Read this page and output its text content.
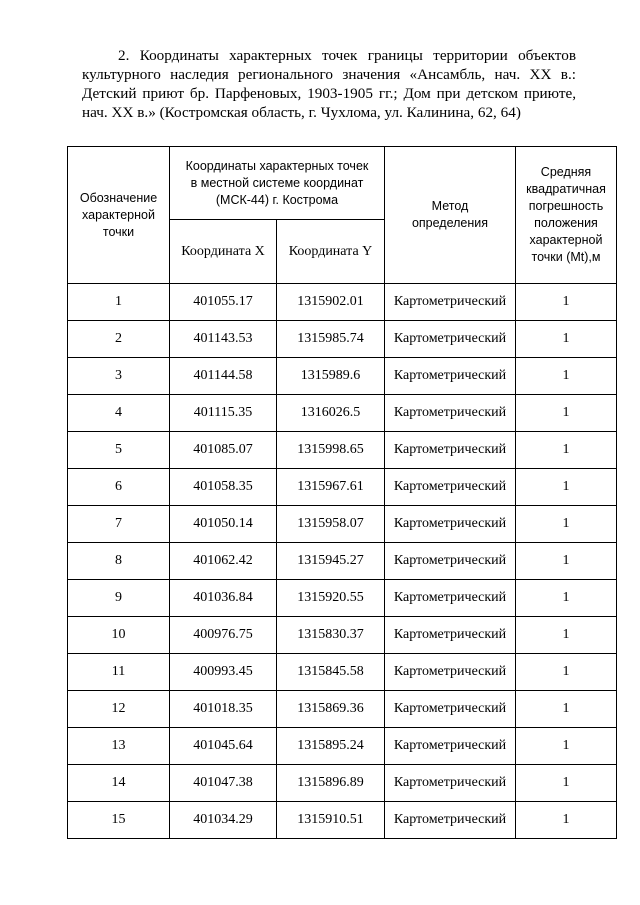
2. Координаты характерных точек границы территории объектов культурного наследия регионального значения «Ансамбль, нач. XX в.: Детский приют бр. Парфеновых, 1903-1905 гг.; Дом при детском приюте, нач. XX в.» (Костромская область, г. Чухлома, ул. Калинина, 62, 64)

Обозначение характерной точки	Координаты характерных точек в местной системе координат (МСК-44) г. Кострома		Метод определения	Средняя квадратичная погрешность положения характерной точки (Mt),м
	Координата X	Координата Y		
1	401055.17	1315902.01	Картометрический	1
2	401143.53	1315985.74	Картометрический	1
3	401144.58	1315989.6	Картометрический	1
4	401115.35	1316026.5	Картометрический	1
5	401085.07	1315998.65	Картометрический	1
6	401058.35	1315967.61	Картометрический	1
7	401050.14	1315958.07	Картометрический	1
8	401062.42	1315945.27	Картометрический	1
9	401036.84	1315920.55	Картометрический	1
10	400976.75	1315830.37	Картометрический	1
11	400993.45	1315845.58	Картометрический	1
12	401018.35	1315869.36	Картометрический	1
13	401045.64	1315895.24	Картометрический	1
14	401047.38	1315896.89	Картометрический	1
15	401034.29	1315910.51	Картометрический	1
